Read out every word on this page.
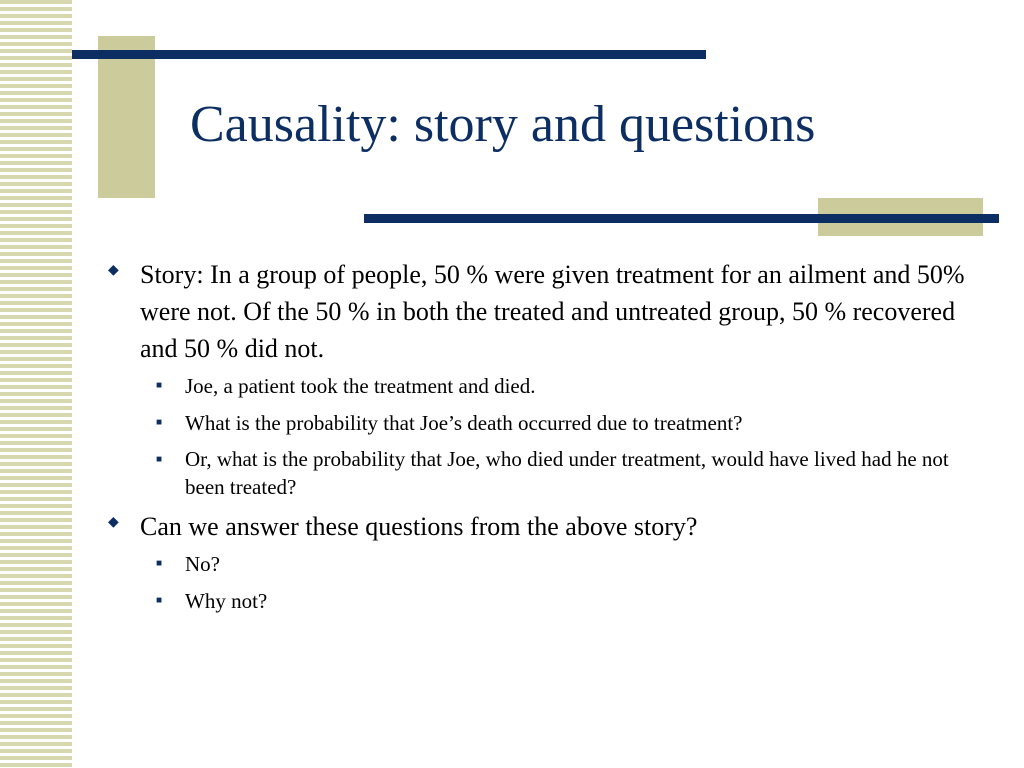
Causality: story and questions
◆ Story: In a group of people, 50 % were given treatment for an ailment and 50% were not. Of the 50 % in both the treated and untreated group, 50 % recovered and 50 % did not.
■ Joe, a patient took the treatment and died.
■ What is the probability that Joe’s death occurred due to treatment?
■ Or, what is the probability that Joe, who died under treatment, would have lived had he not been treated?
◆ Can we answer these questions from the above story?
■ No?
■ Why not?
